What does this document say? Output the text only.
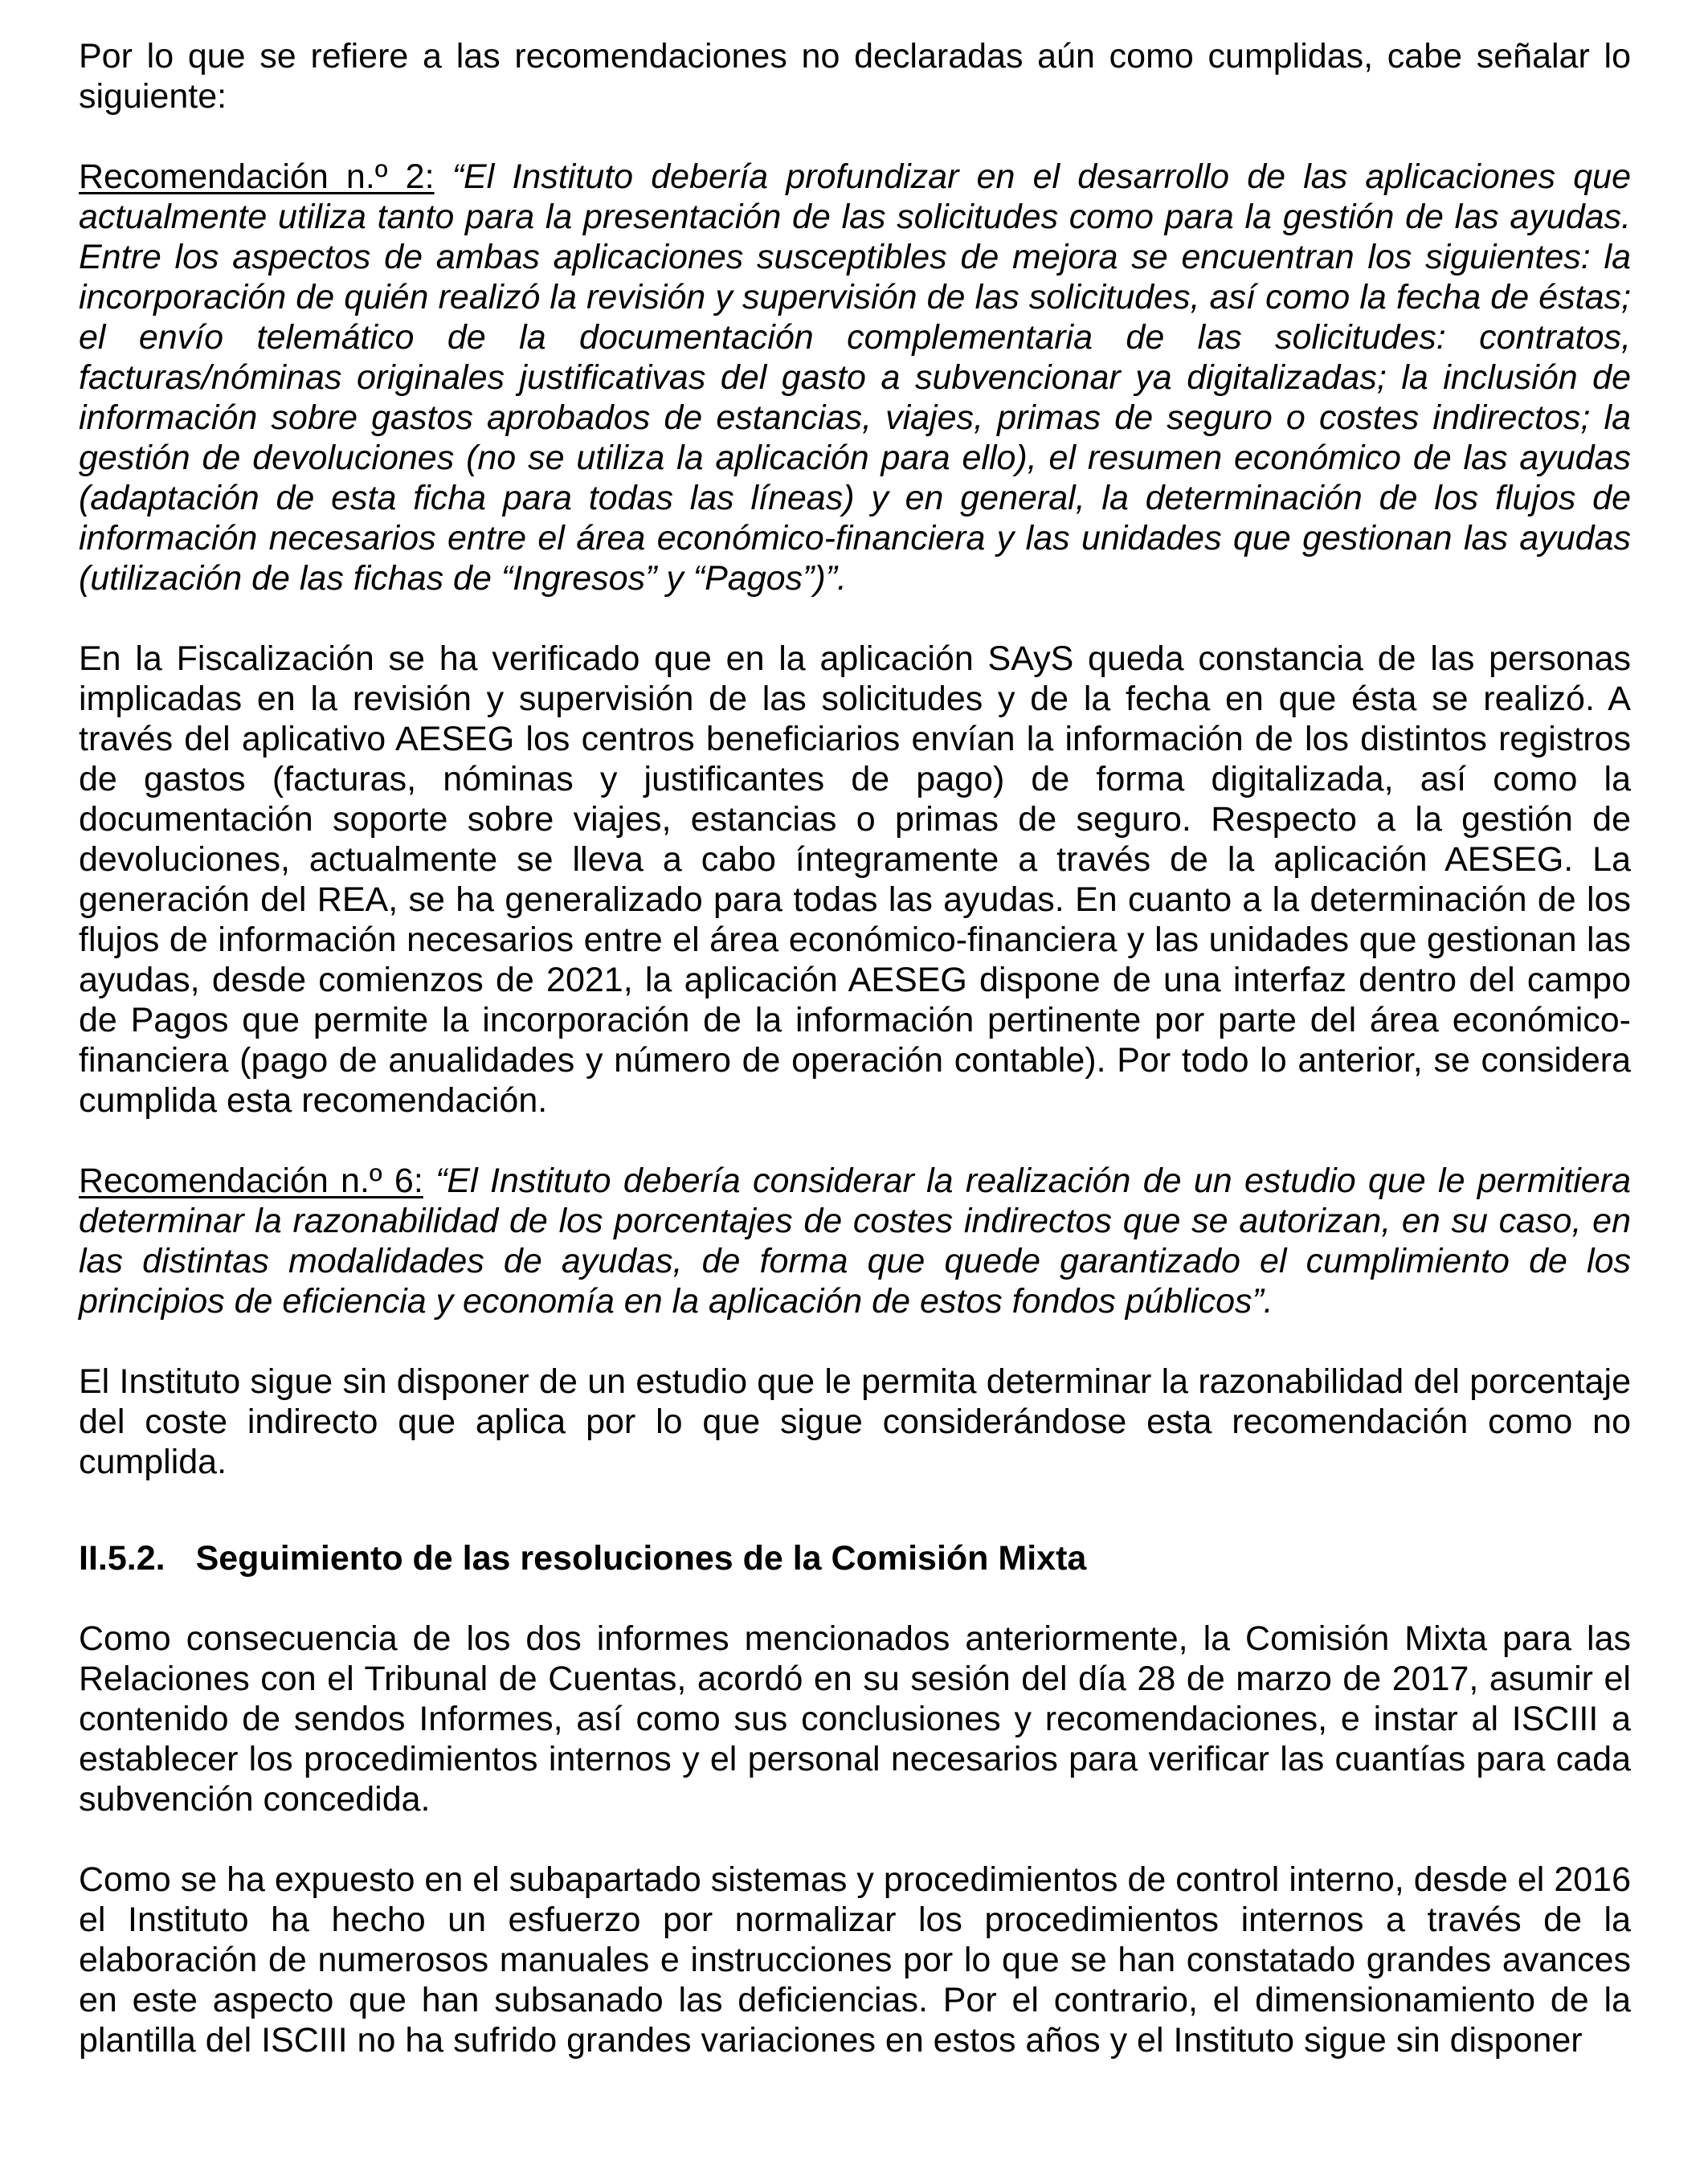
Por lo que se refiere a las recomendaciones no declaradas aún como cumplidas, cabe señalar lo siguiente:

Recomendación n.º 2: “El Instituto debería profundizar en el desarrollo de las aplicaciones que actualmente utiliza tanto para la presentación de las solicitudes como para la gestión de las ayudas. Entre los aspectos de ambas aplicaciones susceptibles de mejora se encuentran los siguientes: la incorporación de quién realizó la revisión y supervisión de las solicitudes, así como la fecha de éstas; el envío telemático de la documentación complementaria de las solicitudes: contratos, facturas/nóminas originales justificativas del gasto a subvencionar ya digitalizadas; la inclusión de información sobre gastos aprobados de estancias, viajes, primas de seguro o costes indirectos; la gestión de devoluciones (no se utiliza la aplicación para ello), el resumen económico de las ayudas (adaptación de esta ficha para todas las líneas) y en general, la determinación de los flujos de información necesarios entre el área económico-financiera y las unidades que gestionan las ayudas (utilización de las fichas de “Ingresos” y “Pagos”)”.

En la Fiscalización se ha verificado que en la aplicación SAyS queda constancia de las personas implicadas en la revisión y supervisión de las solicitudes y de la fecha en que ésta se realizó. A través del aplicativo AESEG los centros beneficiarios envían la información de los distintos registros de gastos (facturas, nóminas y justificantes de pago) de forma digitalizada, así como la documentación soporte sobre viajes, estancias o primas de seguro. Respecto a la gestión de devoluciones, actualmente se lleva a cabo íntegramente a través de la aplicación AESEG. La generación del REA, se ha generalizado para todas las ayudas. En cuanto a la determinación de los flujos de información necesarios entre el área económico-financiera y las unidades que gestionan las ayudas, desde comienzos de 2021, la aplicación AESEG dispone de una interfaz dentro del campo de Pagos que permite la incorporación de la información pertinente por parte del área económico-financiera (pago de anualidades y número de operación contable). Por todo lo anterior, se considera cumplida esta recomendación.

Recomendación n.º 6: “El Instituto debería considerar la realización de un estudio que le permitiera determinar la razonabilidad de los porcentajes de costes indirectos que se autorizan, en su caso, en las distintas modalidades de ayudas, de forma que quede garantizado el cumplimiento de los principios de eficiencia y economía en la aplicación de estos fondos públicos”.

El Instituto sigue sin disponer de un estudio que le permita determinar la razonabilidad del porcentaje del coste indirecto que aplica por lo que sigue considerándose esta recomendación como no cumplida.

II.5.2. Seguimiento de las resoluciones de la Comisión Mixta

Como consecuencia de los dos informes mencionados anteriormente, la Comisión Mixta para las Relaciones con el Tribunal de Cuentas, acordó en su sesión del día 28 de marzo de 2017, asumir el contenido de sendos Informes, así como sus conclusiones y recomendaciones, e instar al ISCIII a establecer los procedimientos internos y el personal necesarios para verificar las cuantías para cada subvención concedida.

Como se ha expuesto en el subapartado sistemas y procedimientos de control interno, desde el 2016 el Instituto ha hecho un esfuerzo por normalizar los procedimientos internos a través de la elaboración de numerosos manuales e instrucciones por lo que se han constatado grandes avances en este aspecto que han subsanado las deficiencias. Por el contrario, el dimensionamiento de la plantilla del ISCIII no ha sufrido grandes variaciones en estos años y el Instituto sigue sin disponer
